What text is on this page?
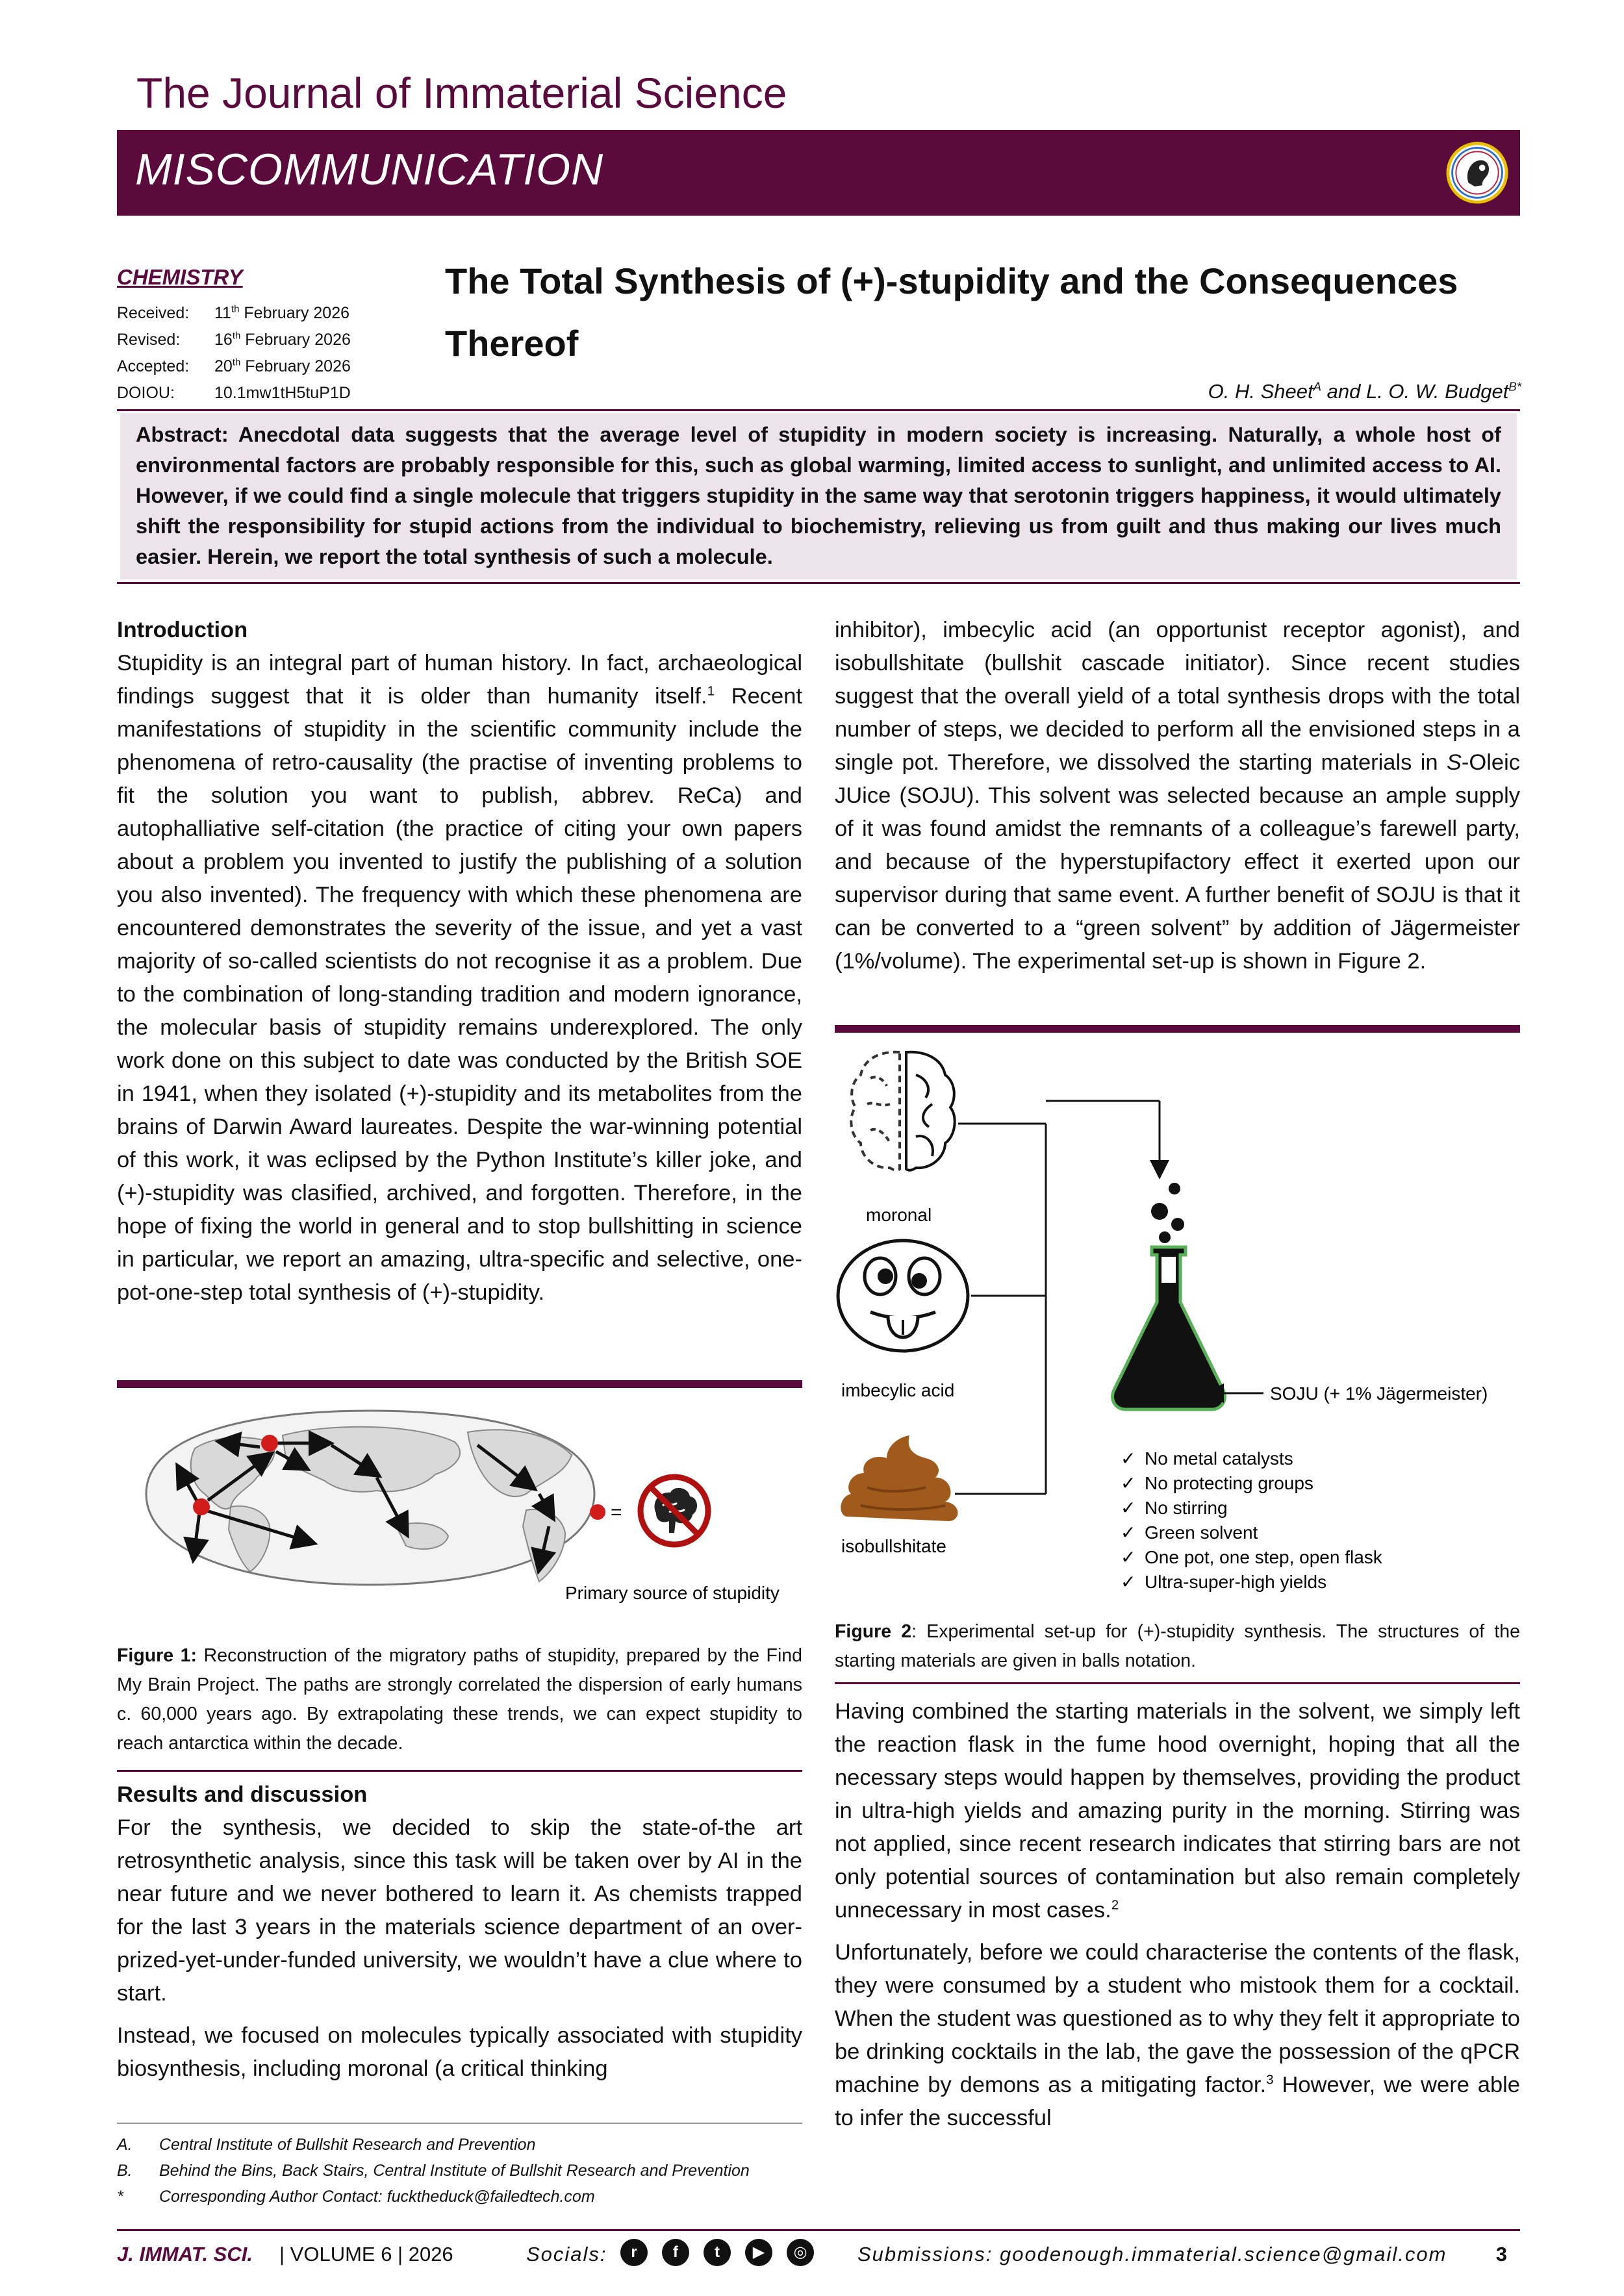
The Journal of Immaterial Science
MISCOMMUNICATION
CHEMISTRY
Received:	11th February 2026
Revised:	16th February 2026
Accepted:	20th February 2026
DOIOU:	10.1mw1tH5tuP1D
The Total Synthesis of (+)-stupidity and the Consequences Thereof
O. H. Sheet$^A$ and L. O. W. Budget$^{B*}$

Abstract: Anecdotal data suggests that the average level of stupidity in modern society is increasing. Naturally, a whole host of environmental factors are probably responsible for this, such as global warming, limited access to sunlight, and unlimited access to AI. However, if we could find a single molecule that triggers stupidity in the same way that serotonin triggers happiness, it would ultimately shift the responsibility for stupid actions from the individual to biochemistry, relieving us from guilt and thus making our lives much easier. Herein, we report the total synthesis of such a molecule.

Introduction

Stupidity is an integral part of human history. In fact, archaeological findings suggest that it is older than humanity itself.$^1$ Recent manifestations of stupidity in the scientific community include the phenomena of retro-causality (the practise of inventing problems to fit the solution you want to publish, abbrev. ReCa) and autophalliative self-citation (the practice of citing your own papers about a problem you invented to justify the publishing of a solution you also invented). The frequency with which these phenomena are encountered demonstrates the severity of the issue, and yet a vast majority of so-called scientists do not recognise it as a problem. Due to the combination of long-standing tradition and modern ignorance, the molecular basis of stupidity remains underexplored. The only work done on this subject to date was conducted by the British SOE in 1941, when they isolated (+)-stupidity and its metabolites from the brains of Darwin Award laureates. Despite the war-winning potential of this work, it was eclipsed by the Python Institute’s killer joke, and (+)-stupidity was clasified, archived, and forgotten. Therefore, in the hope of fixing the world in general and to stop bullshitting in science in particular, we report an amazing, ultra-specific and selective, one-pot-one-step total synthesis of (+)-stupidity.

=
Primary source of stupidity
Figure 1: Reconstruction of the migratory paths of stupidity, prepared by the Find My Brain Project. The paths are strongly correlated the dispersion of early humans c. 60,000 years ago. By extrapolating these trends, we can expect stupidity to reach antarctica within the decade.
Results and discussion

For the synthesis, we decided to skip the state-of-the art retrosynthetic analysis, since this task will be taken over by AI in the near future and we never bothered to learn it. As chemists trapped for the last 3 years in the materials science department of an over-prized-yet-under-funded university, we wouldn’t have a clue where to start.

Instead, we focused on molecules typically associated with stupidity biosynthesis, including moronal (a critical thinking

A.	Central Institute of Bullshit Research and Prevention
B.	Behind the Bins, Back Stairs, Central Institute of Bullshit Research and Prevention
*	Corresponding Author Contact: fucktheduck@failedtech.com

inhibitor), imbecylic acid (an opportunist receptor agonist), and isobullshitate (bullshit cascade initiator). Since recent studies suggest that the overall yield of a total synthesis drops with the total number of steps, we decided to perform all the envisioned steps in a single pot. Therefore, we dissolved the starting materials in S-Oleic JUice (SOJU). This solvent was selected because an ample supply of it was found amidst the remnants of a colleague’s farewell party, and because of the hyperstupifactory effect it exerted upon our supervisor during that same event. A further benefit of SOJU is that it can be converted to a “green solvent” by addition of Jägermeister (1%/volume). The experimental set-up is shown in Figure 2.

moronal
imbecylic acid
isobullshitate
SOJU (+ 1% Jägermeister)
✓ No metal catalysts
✓ No protecting groups
✓ No stirring
✓ Green solvent
✓ One pot, one step, open flask
✓ Ultra-super-high yields
Figure 2: Experimental set-up for (+)-stupidity synthesis. The structures of the starting materials are given in balls notation.

Having combined the starting materials in the solvent, we simply left the reaction flask in the fume hood overnight, hoping that all the necessary steps would happen by themselves, providing the product in ultra-high yields and amazing purity in the morning. Stirring was not applied, since recent research indicates that stirring bars are not only potential sources of contamination but also remain completely unnecessary in most cases.$^2$

Unfortunately, before we could characterise the contents of the flask, they were consumed by a student who mistook them for a cocktail. When the student was questioned as to why they felt it appropriate to be drinking cocktails in the lab, the gave the possession of the qPCR machine by demons as a mitigating factor.$^3$ However, we were able to infer the successful

J. IMMAT. SCI. | VOLUME 6 | 2026	Socials:	r f t ▶ ◎	Submissions: goodenough.immaterial.science@gmail.com 3
